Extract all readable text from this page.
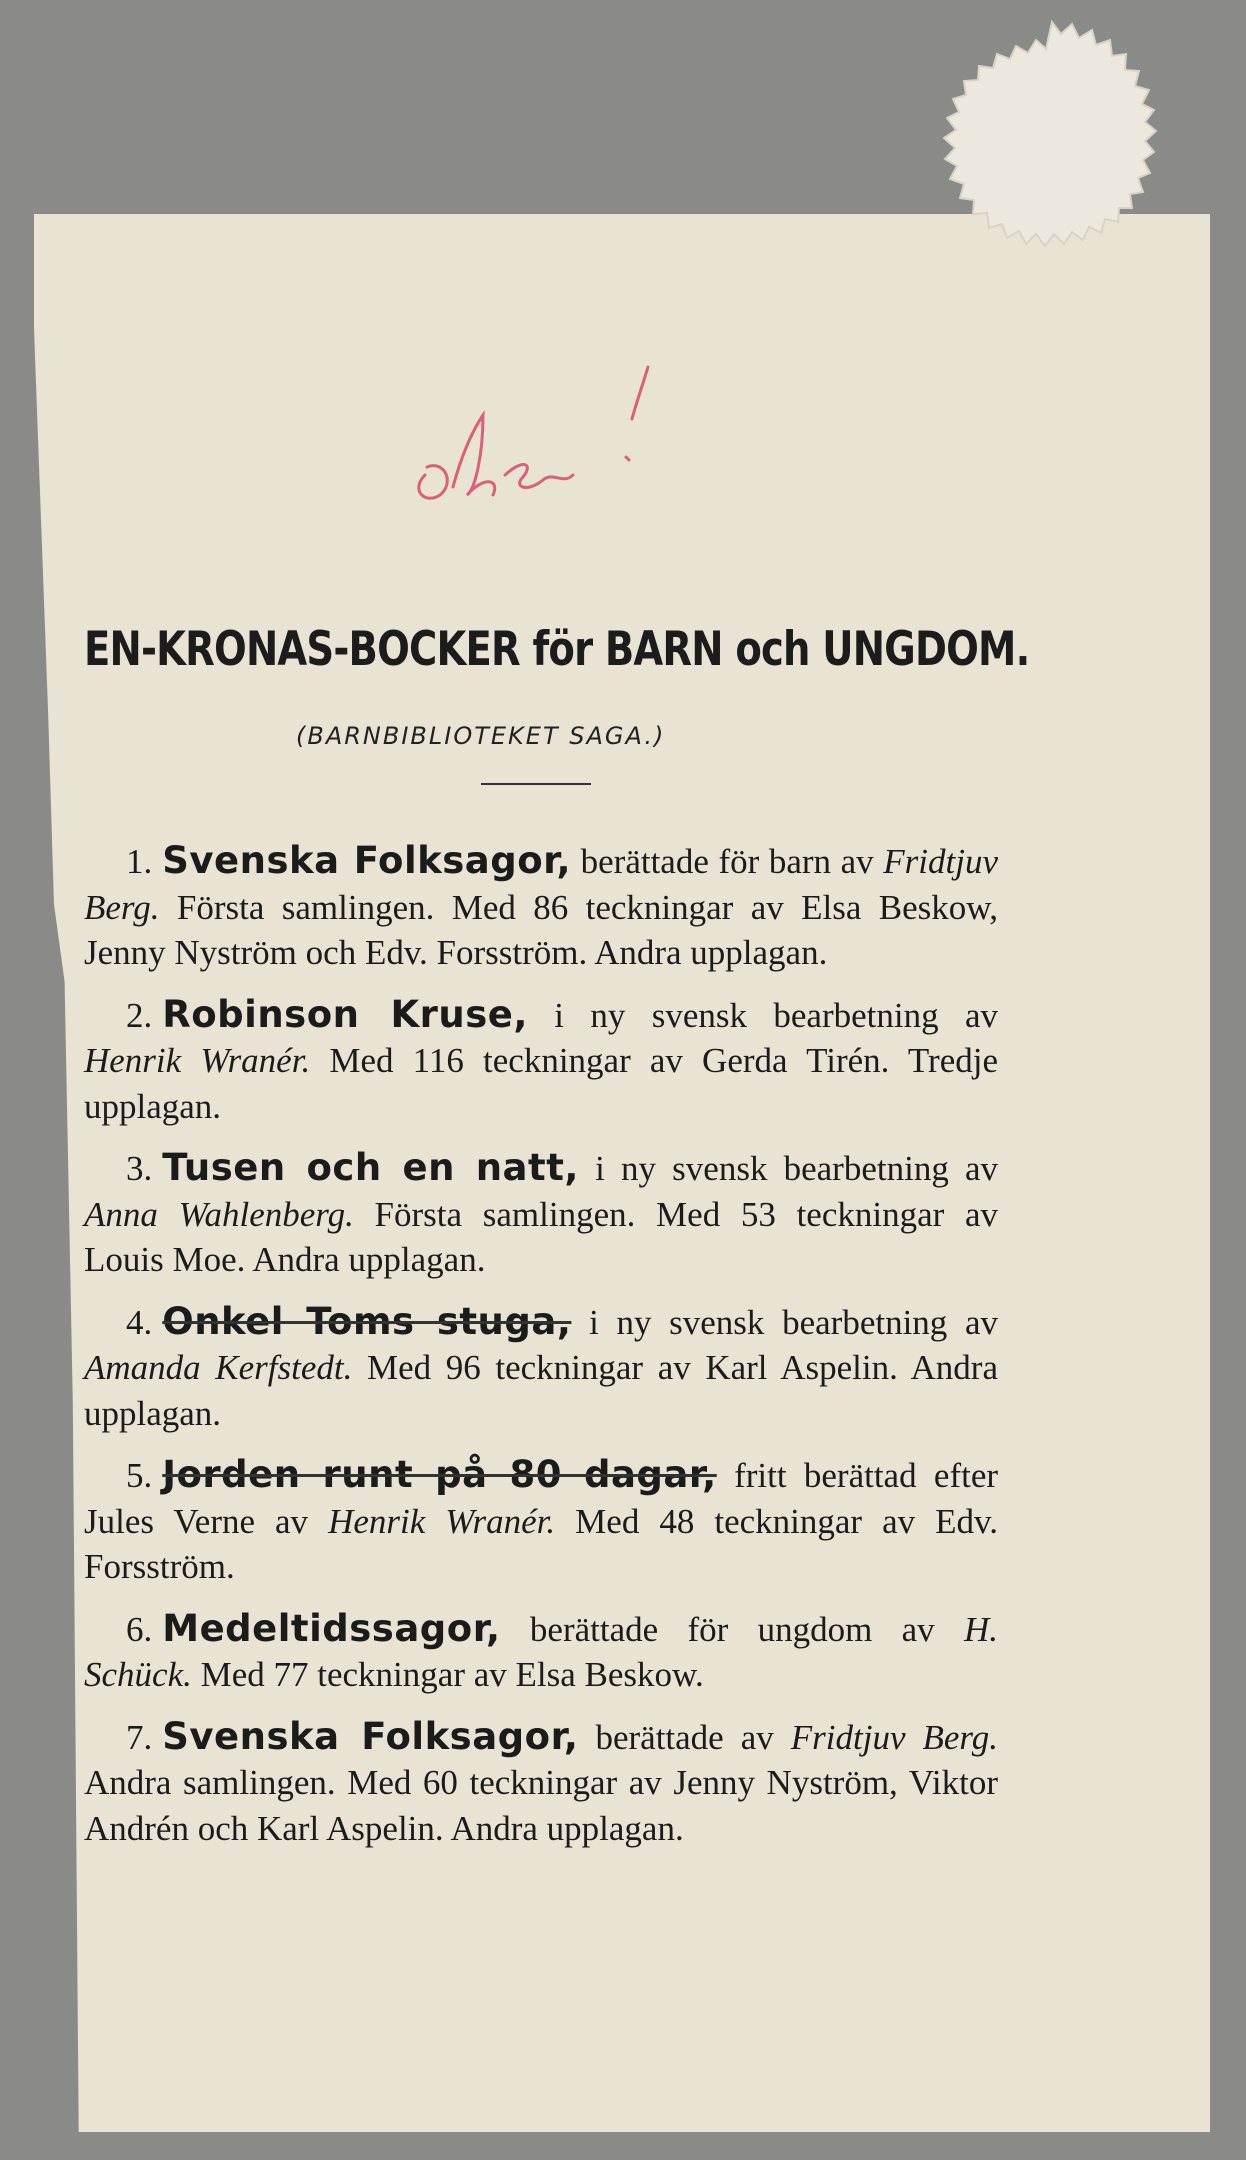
EN-KRONAS-BOCKER för BARN och UNGDOM.
(BARNBIBLIOTEKET SAGA.)
1. Svenska Folksagor, berättade för barn av Fridtjuv Berg. Första samlingen. Med 86 teckningar av Elsa Beskow, Jenny Nyström och Edv. Forsström. Andra upplagan.
2. Robinson Kruse, i ny svensk bearbetning av Henrik Wranér. Med 116 teckningar av Gerda Tirén. Tredje upplagan.
3. Tusen och en natt, i ny svensk bearbetning av Anna Wahlenberg. Första samlingen. Med 53 teckningar av Louis Moe. Andra upplagan.
4. Onkel Toms stuga, i ny svensk bearbetning av Amanda Kerfstedt. Med 96 teckningar av Karl Aspelin. Andra upplagan.
5. Jorden runt på 80 dagar, fritt berättad efter Jules Verne av Henrik Wranér. Med 48 teckningar av Edv. Forsström.
6. Medeltidssagor, berättade för ungdom av H. Schück. Med 77 teckningar av Elsa Beskow.
7. Svenska Folksagor, berättade av Fridtjuv Berg. Andra samlingen. Med 60 teckningar av Jenny Nyström, Viktor Andrén och Karl Aspelin. Andra upplagan.
